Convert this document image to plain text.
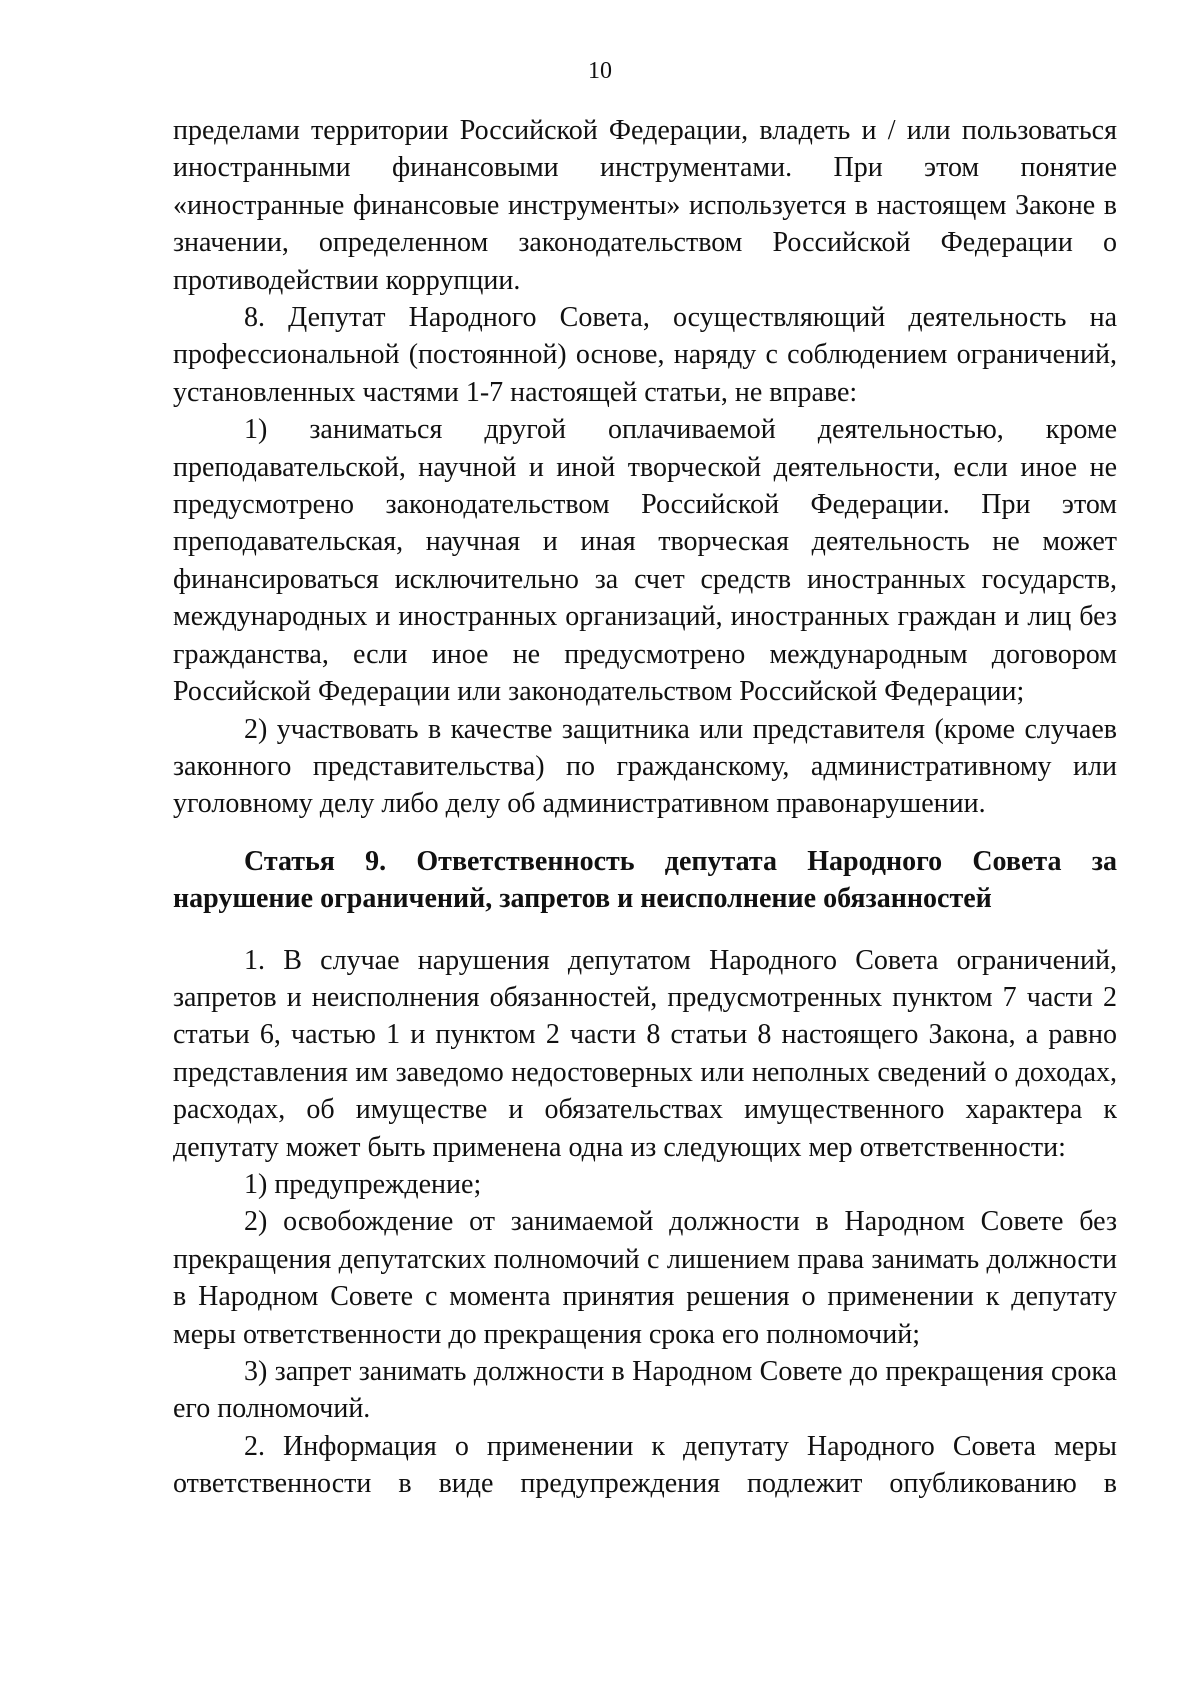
10

пределами территории Российской Федерации, владеть и / или пользоваться иностранными финансовыми инструментами. При этом понятие «иностранные финансовые инструменты» используется в настоящем Законе в значении, определенном законодательством Российской Федерации о противодействии коррупции.

8. Депутат Народного Совета, осуществляющий деятельность на профессиональной (постоянной) основе, наряду с соблюдением ограничений, установленных частями 1-7 настоящей статьи, не вправе:

1) заниматься другой оплачиваемой деятельностью, кроме преподавательской, научной и иной творческой деятельности, если иное не предусмотрено законодательством Российской Федерации. При этом преподавательская, научная и иная творческая деятельность не может финансироваться исключительно за счет средств иностранных государств, международных и иностранных организаций, иностранных граждан и лиц без гражданства, если иное не предусмотрено международным договором Российской Федерации или законодательством Российской Федерации;

2) участвовать в качестве защитника или представителя (кроме случаев законного представительства) по гражданскому, административному или уголовному делу либо делу об административном правонарушении.

Статья 9. Ответственность депутата Народного Совета за нарушение ограничений, запретов и неисполнение обязанностей

1. В случае нарушения депутатом Народного Совета ограничений, запретов и неисполнения обязанностей, предусмотренных пунктом 7 части 2 статьи 6, частью 1 и пунктом 2 части 8 статьи 8 настоящего Закона, а равно представления им заведомо недостоверных или неполных сведений о доходах, расходах, об имуществе и обязательствах имущественного характера к депутату может быть применена одна из следующих мер ответственности:

1) предупреждение;

2) освобождение от занимаемой должности в Народном Совете без прекращения депутатских полномочий с лишением права занимать должности в Народном Совете с момента принятия решения о применении к депутату меры ответственности до прекращения срока его полномочий;

3) запрет занимать должности в Народном Совете до прекращения срока его полномочий.

2. Информация о применении к депутату Народного Совета меры ответственности в виде предупреждения подлежит опубликованию в
